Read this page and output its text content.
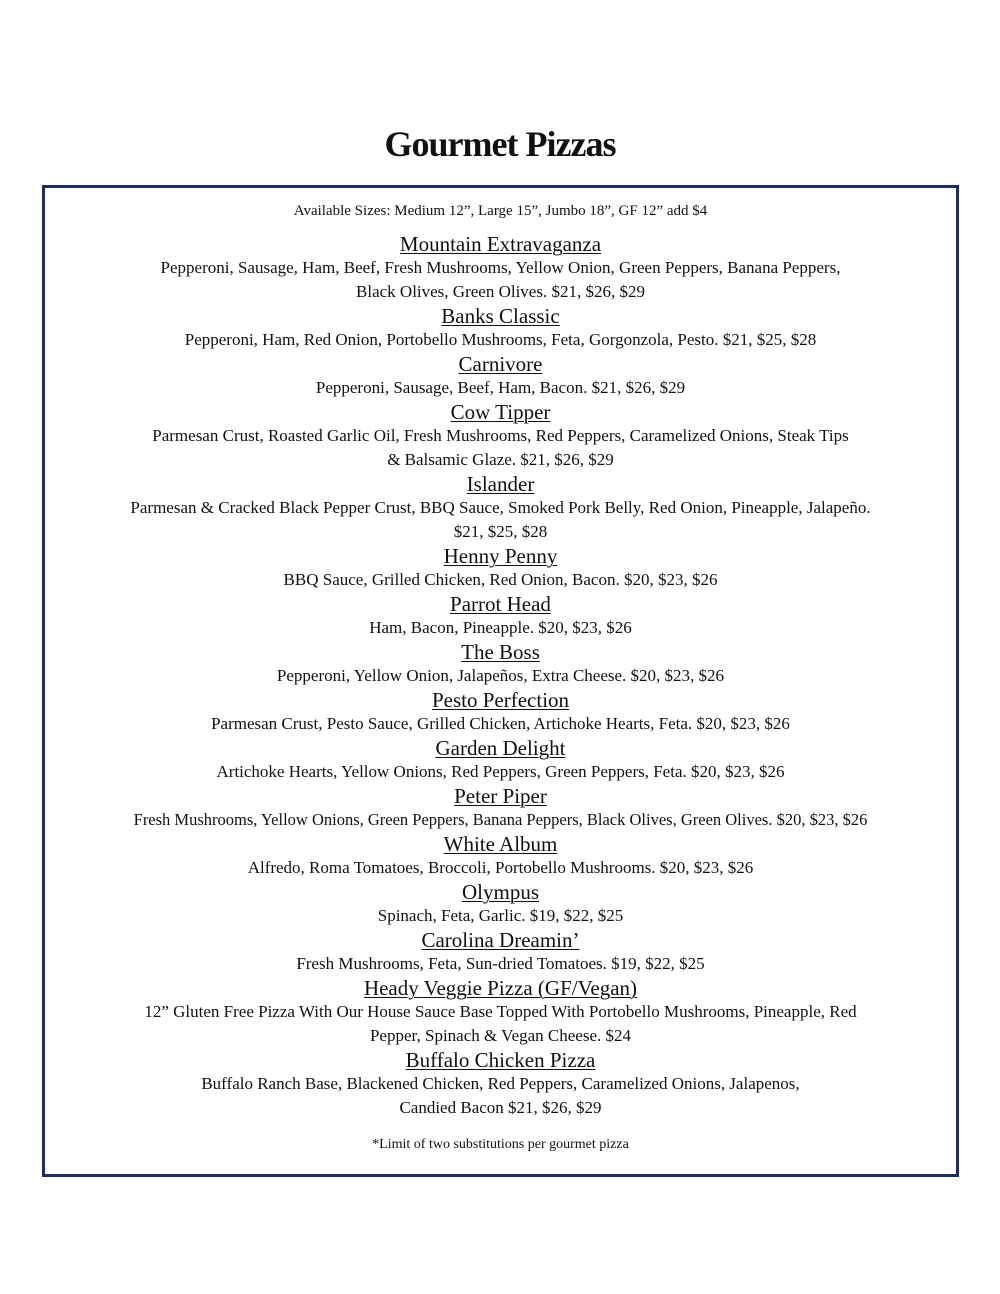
Gourmet Pizzas
Available Sizes: Medium 12”, Large 15”, Jumbo 18”, GF 12” add $4
Mountain Extravaganza
Pepperoni, Sausage, Ham, Beef, Fresh Mushrooms, Yellow Onion, Green Peppers, Banana Peppers,
Black Olives, Green Olives. $21, $26, $29
Banks Classic
Pepperoni, Ham, Red Onion, Portobello Mushrooms, Feta, Gorgonzola, Pesto. $21, $25, $28
Carnivore
Pepperoni, Sausage, Beef, Ham, Bacon. $21, $26, $29
Cow Tipper
Parmesan Crust, Roasted Garlic Oil, Fresh Mushrooms, Red Peppers, Caramelized Onions, Steak Tips
& Balsamic Glaze. $21, $26, $29
Islander
Parmesan & Cracked Black Pepper Crust, BBQ Sauce, Smoked Pork Belly, Red Onion, Pineapple, Jalapeño.
$21, $25, $28
Henny Penny
BBQ Sauce, Grilled Chicken, Red Onion, Bacon. $20, $23, $26
Parrot Head
Ham, Bacon, Pineapple. $20, $23, $26
The Boss
Pepperoni, Yellow Onion, Jalapeños, Extra Cheese. $20, $23, $26
Pesto Perfection
Parmesan Crust, Pesto Sauce, Grilled Chicken, Artichoke Hearts, Feta. $20, $23, $26
Garden Delight
Artichoke Hearts, Yellow Onions, Red Peppers, Green Peppers, Feta. $20, $23, $26
Peter Piper
Fresh Mushrooms, Yellow Onions, Green Peppers, Banana Peppers, Black Olives, Green Olives. $20, $23, $26
White Album
Alfredo, Roma Tomatoes, Broccoli, Portobello Mushrooms. $20, $23, $26
Olympus
Spinach, Feta, Garlic. $19, $22, $25
Carolina Dreamin’
Fresh Mushrooms, Feta, Sun-dried Tomatoes. $19, $22, $25
Heady Veggie Pizza (GF/Vegan)
12” Gluten Free Pizza With Our House Sauce Base Topped With Portobello Mushrooms, Pineapple, Red
Pepper, Spinach & Vegan Cheese. $24
Buffalo Chicken Pizza
Buffalo Ranch Base, Blackened Chicken, Red Peppers, Caramelized Onions, Jalapenos,
Candied Bacon $21, $26, $29
*Limit of two substitutions per gourmet pizza
